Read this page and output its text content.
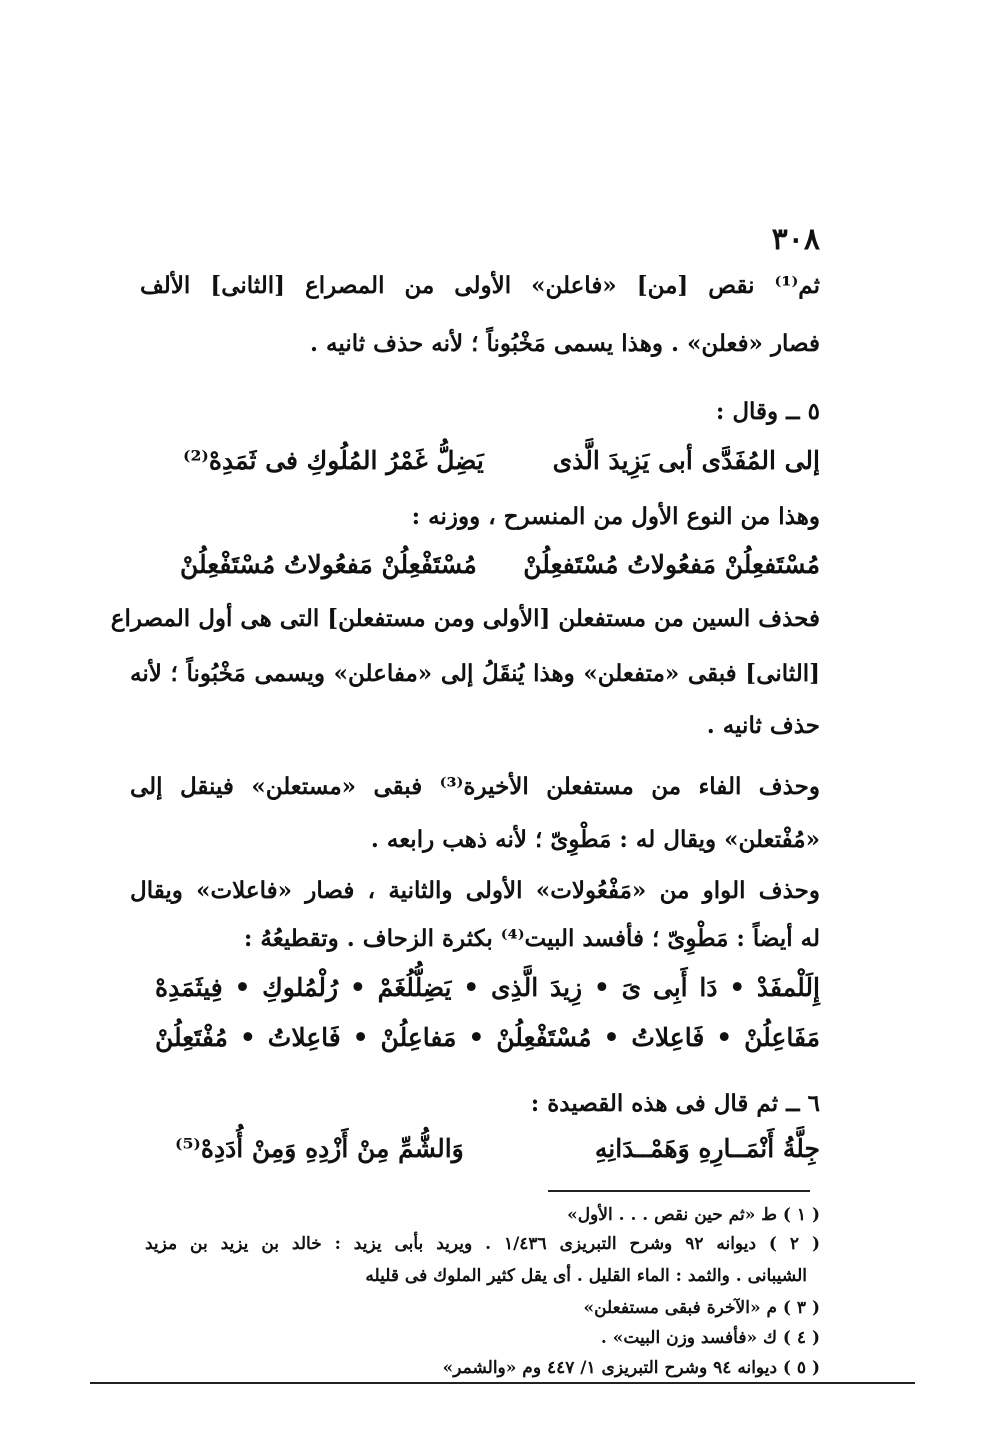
٣٠٨
ثم⁽¹⁾ نقص [من] «فاعلن» الأولى من المصراع [الثانى] الألف
فصار «فعلن» . وهذا يسمى مَخْبُوناً ؛ لأنه حذف ثانيه .
٥ ــ وقال :
إلى المُفَدَّى أبى يَزِيدَ الَّذى
يَضِلُّ غَمْرُ المُلُوكِ فى ثَمَدِهْ⁽²⁾
وهذا من النوع الأول من المنسرح ، ووزنه :
مُسْتَفعِلُنْ مَفعُولاتُ مُسْتَفعِلُنْ
مُسْتَفْعِلُنْ مَفعُولاتُ مُسْتَفْعِلُنْ
فحذف السين من مستفعلن [الأولى ومن مستفعلن] التى هى أول المصراع
[الثانى] فبقى «متفعلن» وهذا يُنقَلُ إلى «مفاعلن» ويسمى مَخْبُوناً ؛ لأنه
حذف ثانيه .
وحذف الفاء من مستفعلن الأخيرة⁽³⁾ فبقى «مستعلن» فينقل إلى
«مُفْتعلن» ويقال له : مَطْوِىّ ؛ لأنه ذهب رابعه .
وحذف الواو من «مَفْعُولات» الأولى والثانية ، فصار «فاعلات» ويقال
له أيضاً : مَطْوِىّ ؛ فأفسد البيت⁽⁴⁾ بكثرة الزحاف . وتقطيعُهُ :
إِلَلْمفَدْ • دَا أَبِى یَ • زِيدَ الَّذِى • يَضِلُّلُغَمْ • رُلْمُلوكِ • فِيثَمَدِهْ
مَفَاعِلُنْ • فَاعِلاتُ • مُسْتَفْعِلُنْ • مَفاعِلُنْ • فَاعِلاتُ • مُفْتَعِلُنْ
٦ ــ ثم قال فى هذه القصيدة :
جِلَّةُ أَنْمَــارِهِ وَهَمْــدَانِهِ
وَالشُّمِّ مِنْ أَزْدِهِ وَمِنْ أُدَدِهْ⁽⁵⁾
( ١ ) ط «ثم حين نقص . . . الأول»
( ٢ ) ديوانه ٩٢ وشرح التبريزى ١/٤٣٦ . ويريد بأبى يزيد : خالد بن يزيد بن مزيد
الشيبانى . والثمد : الماء القليل . أى يقل كثير الملوك فى قليله
( ٣ ) م «الآخرة فبقى مستفعلن»
( ٤ ) ك «فأفسد وزن البيت» .
( ٥ ) ديوانه ٩٤ وشرح التبريزى ١/ ٤٤٧ وم «والشمر»
